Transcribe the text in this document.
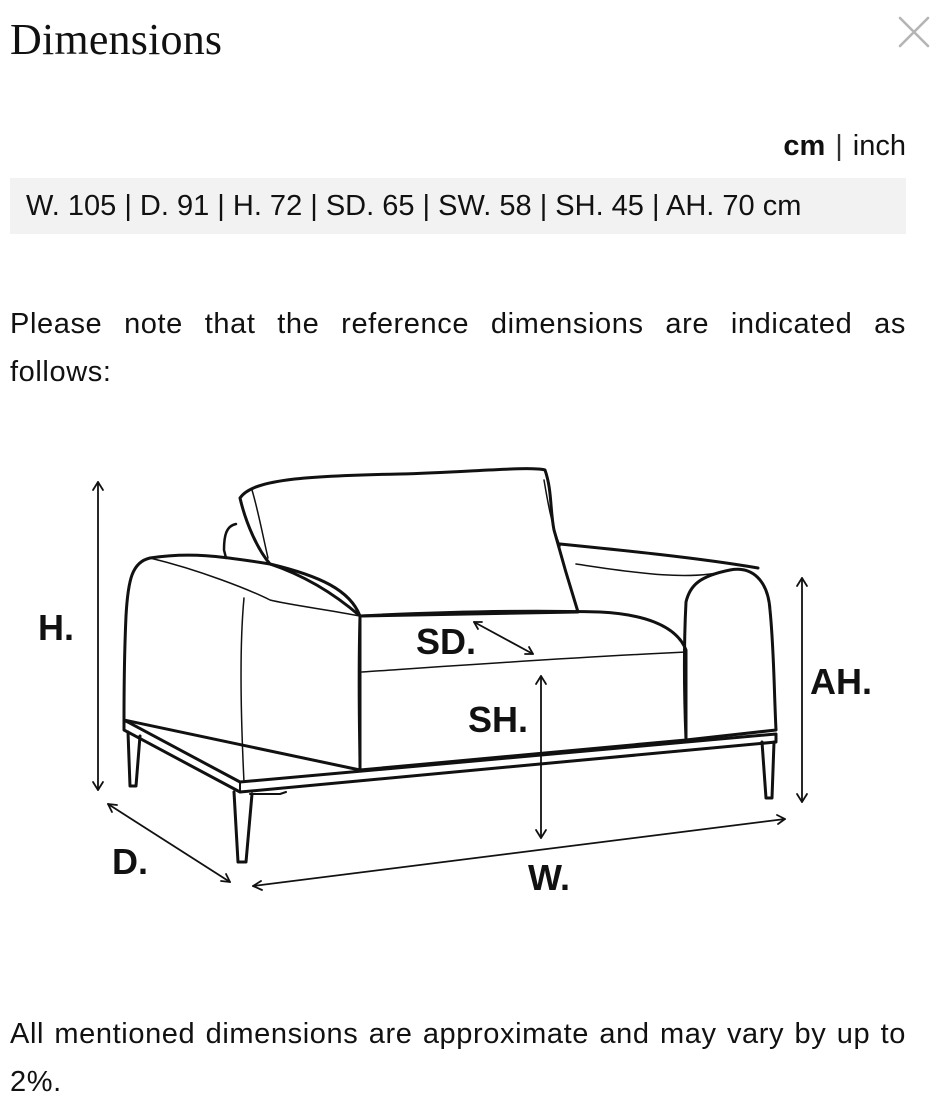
Dimensions
cm | inch
W. 105 | D. 91 | H. 72 | SD. 65 | SW. 58 | SH. 45 | AH. 70 cm
Please note that the reference dimensions are indicated as follows:
H.	SD.
SH.
AH.
D.	W.
All mentioned dimensions are approximate and may vary by up to 2%.
